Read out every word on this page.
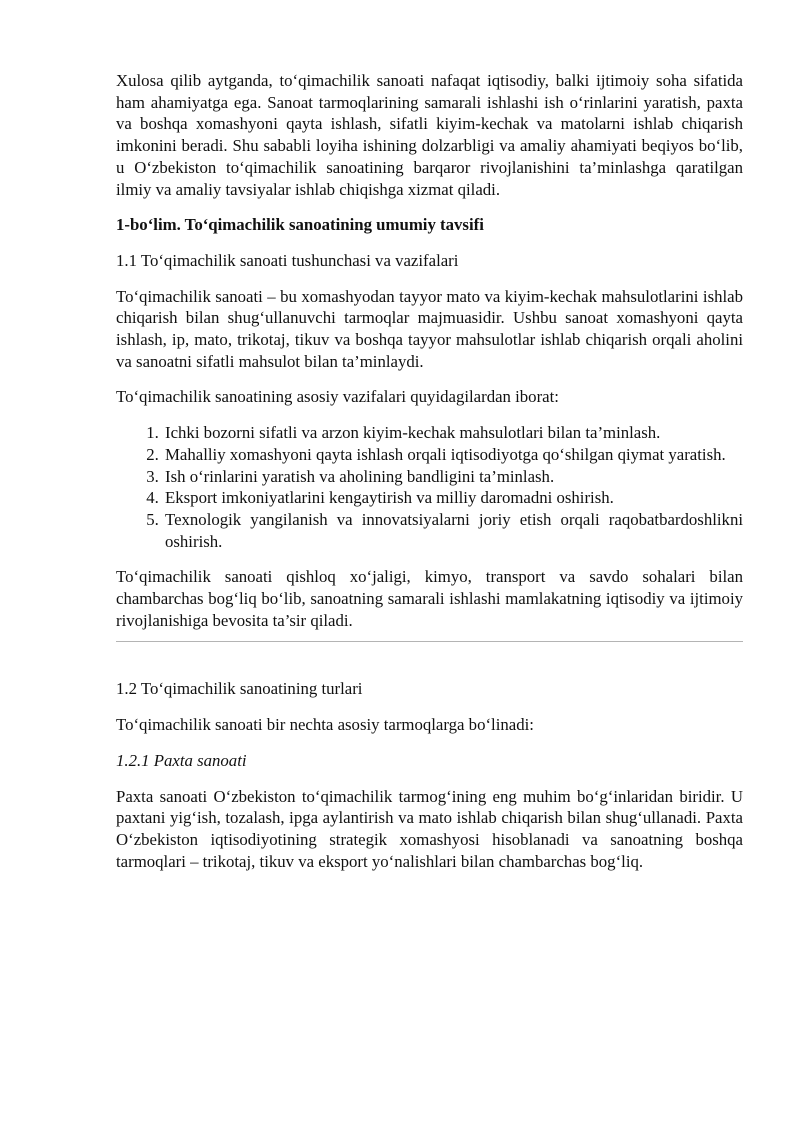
Xulosa qilib aytganda, to‘qimachilik sanoati nafaqat iqtisodiy, balki ijtimoiy soha sifatida ham ahamiyatga ega. Sanoat tarmoqlarining samarali ishlashi ish o‘rinlarini yaratish, paxta va boshqa xomashyoni qayta ishlash, sifatli kiyim-kechak va matolarni ishlab chiqarish imkonini beradi. Shu sababli loyiha ishining dolzarbligi va amaliy ahamiyati beqiyos bo‘lib, u O‘zbekiston to‘qimachilik sanoatining barqaror rivojlanishini ta’minlashga qaratilgan ilmiy va amaliy tavsiyalar ishlab chiqishga xizmat qiladi.

1-bo‘lim. To‘qimachilik sanoatining umumiy tavsifi

1.1 To‘qimachilik sanoati tushunchasi va vazifalari

To‘qimachilik sanoati – bu xomashyodan tayyor mato va kiyim-kechak mahsulotlarini ishlab chiqarish bilan shug‘ullanuvchi tarmoqlar majmuasidir. Ushbu sanoat xomashyoni qayta ishlash, ip, mato, trikotaj, tikuv va boshqa tayyor mahsulotlar ishlab chiqarish orqali aholini va sanoatni sifatli mahsulot bilan ta’minlaydi.

To‘qimachilik sanoatining asosiy vazifalari quyidagilardan iborat:

1. Ichki bozorni sifatli va arzon kiyim-kechak mahsulotlari bilan ta’minlash.
2. Mahalliy xomashyoni qayta ishlash orqali iqtisodiyotga qo‘shilgan qiymat yaratish.
3. Ish o‘rinlarini yaratish va aholining bandligini ta’minlash.
4. Eksport imkoniyatlarini kengaytirish va milliy daromadni oshirish.
5. Texnologik yangilanish va innovatsiyalarni joriy etish orqali raqobatbardoshlikni oshirish.

To‘qimachilik sanoati qishloq xo‘jaligi, kimyo, transport va savdo sohalari bilan chambarchas bog‘liq bo‘lib, sanoatning samarali ishlashi mamlakatning iqtisodiy va ijtimoiy rivojlanishiga bevosita ta’sir qiladi.

1.2 To‘qimachilik sanoatining turlari

To‘qimachilik sanoati bir nechta asosiy tarmoqlarga bo‘linadi:

1.2.1 Paxta sanoati

Paxta sanoati O‘zbekiston to‘qimachilik tarmog‘ining eng muhim bo‘g‘inlaridan biridir. U paxtani yig‘ish, tozalash, ipga aylantirish va mato ishlab chiqarish bilan shug‘ullanadi. Paxta O‘zbekiston iqtisodiyotining strategik xomashyosi hisoblanadi va sanoatning boshqa tarmoqlari – trikotaj, tikuv va eksport yo‘nalishlari bilan chambarchas bog‘liq.
